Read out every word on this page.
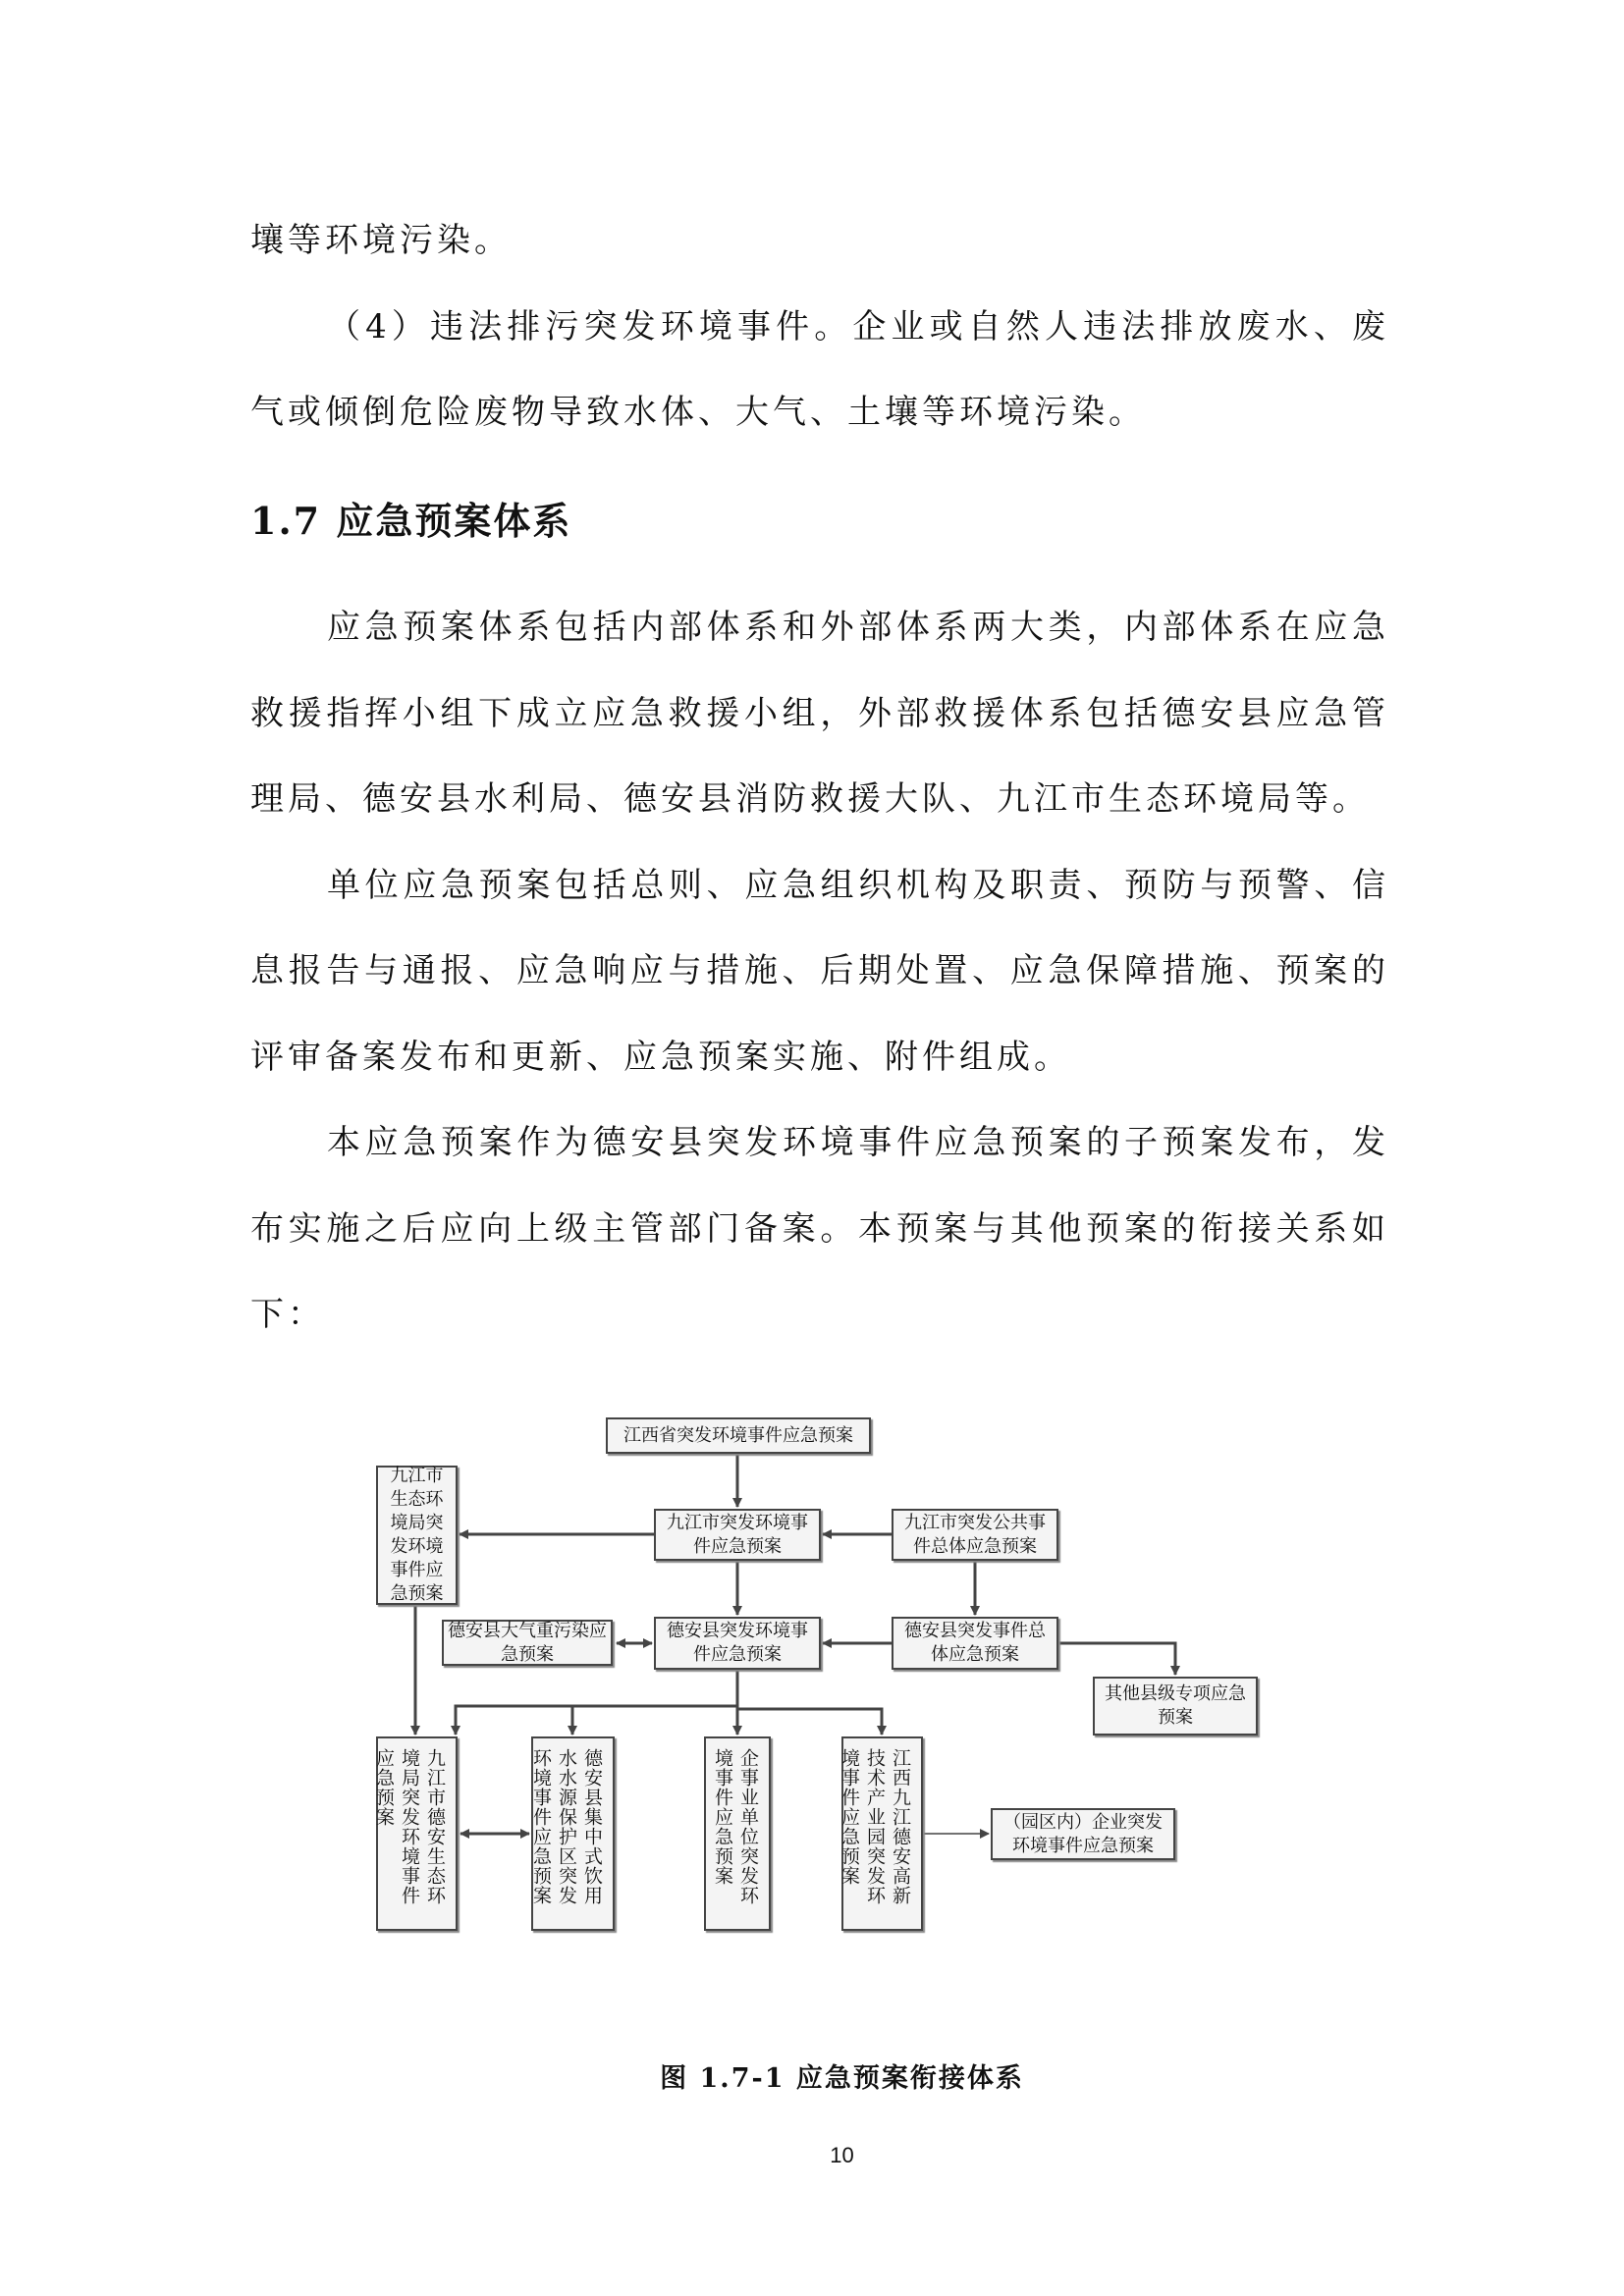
壤等环境污染。

（4）违法排污突发环境事件。企业或自然人违法排放废水、废气或倾倒危险废物导致水体、大气、土壤等环境污染。

1.7 应急预案体系

应急预案体系包括内部体系和外部体系两大类，内部体系在应急救援指挥小组下成立应急救援小组，外部救援体系包括德安县应急管理局、德安县水利局、德安县消防救援大队、九江市生态环境局等。

单位应急预案包括总则、应急组织机构及职责、预防与预警、信息报告与通报、应急响应与措施、后期处置、应急保障措施、预案的评审备案发布和更新、应急预案实施、附件组成。

本应急预案作为德安县突发环境事件应急预案的子预案发布，发布实施之后应向上级主管部门备案。本预案与其他预案的衔接关系如下：

江西省突发环境事件应急预案
九江市生态环境局突发环境事件应急预案
九江市突发环境事件应急预案
九江市突发公共事件总体应急预案
德安县大气重污染应急预案
德安县突发环境事件应急预案
德安县突发事件总体应急预案
其他县级专项应急预案
九江市德安生态环境局突发环境事件应急预案	德安县集中式饮用水水源保护区突发环境事件应急预案	企事业单位突发环境事件应急预案	江西九江德安高新技术产业园突发环境事件应急预案	（园区内）企业突发环境事件应急预案
图 1.7-1 应急预案衔接体系
10
